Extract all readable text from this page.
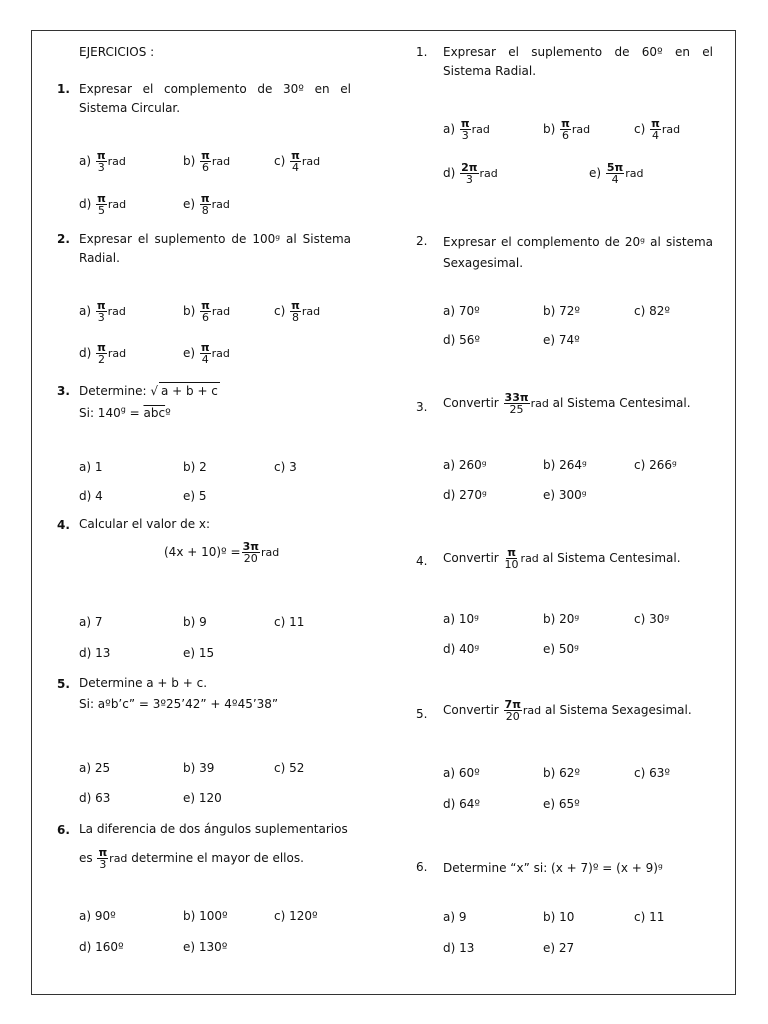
EJERCICIOS :
1. Expresar el complemento de 30º en el Sistema Circular.
$a) \frac{\pi}{3}$ rad	$b) \frac{\pi}{6}$ rad	$c) \frac{\pi}{4}$ rad
$d) \frac{\pi}{5}$ rad	$e) \frac{\pi}{8}$ rad
2. Expresar el suplemento de 100ᵍ al Sistema Radial.
$a) \frac{\pi}{3}$ rad	$b) \frac{\pi}{6}$ rad	$c) \frac{\pi}{8}$ rad
$d) \frac{\pi}{2}$ rad	$e) \frac{\pi}{4}$ rad
3. Determine: √ a + b + c
Si: $140^g$ = $\overline{abc}º$
a) 1	b) 2	c) 3
d) 4	e) 5
4. Calcular el valor de x:
(4x + 10)º = $\frac{3\pi}{20}$ rad
a) 7	b) 9	c) 11
d) 13	e) 15
5. Determine a + b + c.
Si: aºb’c” = 3º25’42” + 4º45’38”
a) 25	b) 39	c) 52
d) 63	e) 120
6. La diferencia de dos ángulos suplementarios
es $\frac{\pi}{3}$ rad determine el mayor de ellos.
a) 90º	b) 100º	c) 120º
d) 160º	e) 130º
1. Expresar el suplemento de 60º en el Sistema Radial.
$a) \frac{\pi}{3}$ rad	$b) \frac{\pi}{6}$ rad	$c) \frac{\pi}{4}$ rad
$d) \frac{2\pi}{3}$ rad	$e) \frac{5\pi}{4}$ rad
2. Expresar el complemento de 20ᵍ al sistema Sexagesimal.
a) 70º	b) 72º	c) 82º
d) 56º	e) 74º
3. Convertir $\frac{33\pi}{25}$ rad al Sistema Centesimal.
a) 260ᵍ	b) 264ᵍ	c) 266ᵍ
d) 270ᵍ	e) 300ᵍ
4. Convertir $\frac{\pi}{10}$ rad al Sistema Centesimal.
a) 10ᵍ	b) 20ᵍ	c) 30ᵍ
d) 40ᵍ	e) 50ᵍ
5. Convertir $\frac{7\pi}{20}$ rad al Sistema Sexagesimal.
a) 60º	b) 62º	c) 63º
d) 64º	e) 65º
6. Determine “x” si: (x + 7)º = (x + 9)ᵍ
a) 9	b) 10	c) 11
d) 13	e) 27
